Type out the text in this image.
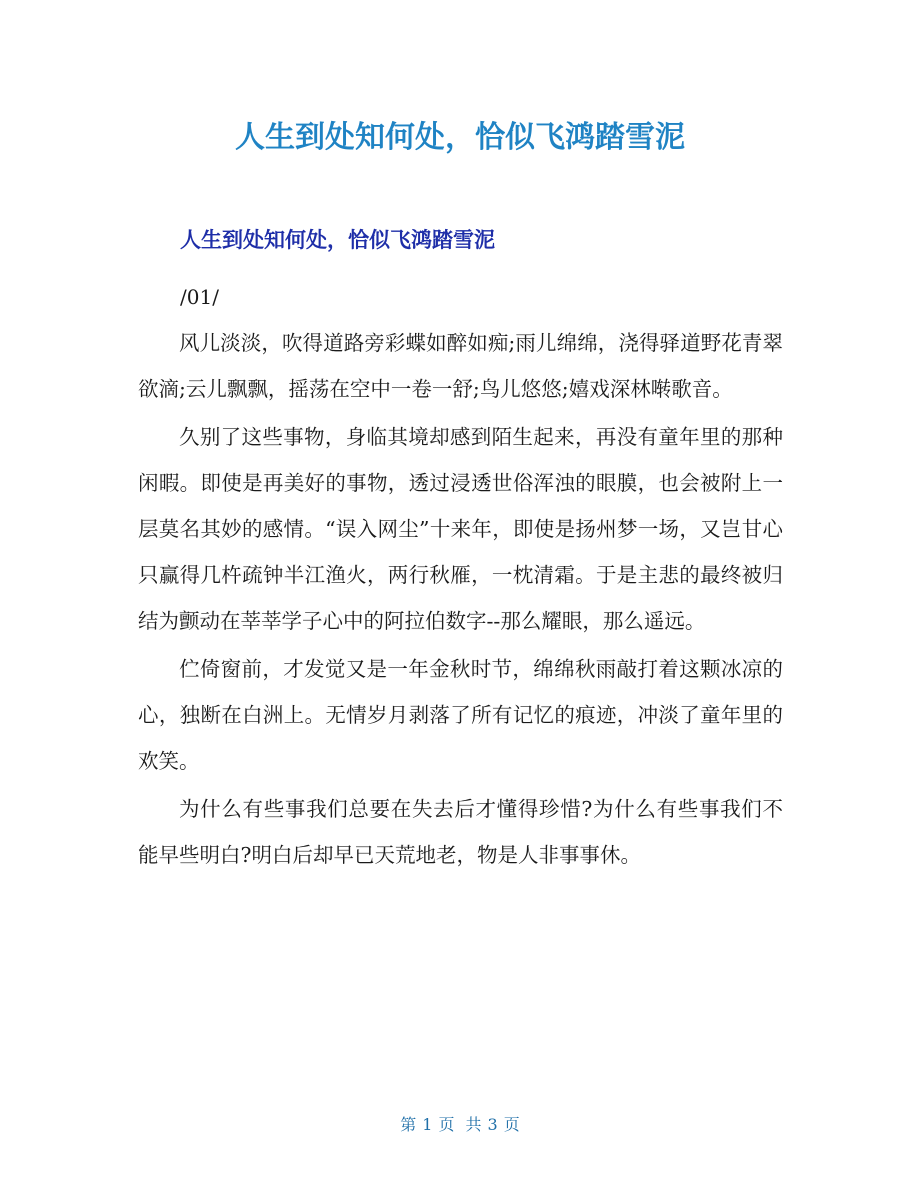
人生到处知何处，恰似飞鸿踏雪泥
人生到处知何处，恰似飞鸿踏雪泥
/01/

风儿淡淡，吹得道路旁彩蝶如醉如痴;雨儿绵绵，浇得驿道野花青翠欲滴;云儿飘飘，摇荡在空中一卷一舒;鸟儿悠悠;嬉戏深林啭歌音。

久别了这些事物，身临其境却感到陌生起来，再没有童年里的那种闲暇。即使是再美好的事物，透过浸透世俗浑浊的眼膜，也会被附上一层莫名其妙的感情。“误入网尘”十来年，即使是扬州梦一场，又岂甘心只赢得几杵疏钟半江渔火，两行秋雁，一枕清霜。于是主悲的最终被归结为颤动在莘莘学子心中的阿拉伯数字--那么耀眼，那么遥远。

伫倚窗前，才发觉又是一年金秋时节，绵绵秋雨敲打着这颗冰凉的心，独断在白洲上。无情岁月剥落了所有记忆的痕迹，冲淡了童年里的欢笑。

为什么有些事我们总要在失去后才懂得珍惜?为什么有些事我们不能早些明白?明白后却早已天荒地老，物是人非事事休。

第 1 页 共 3 页
